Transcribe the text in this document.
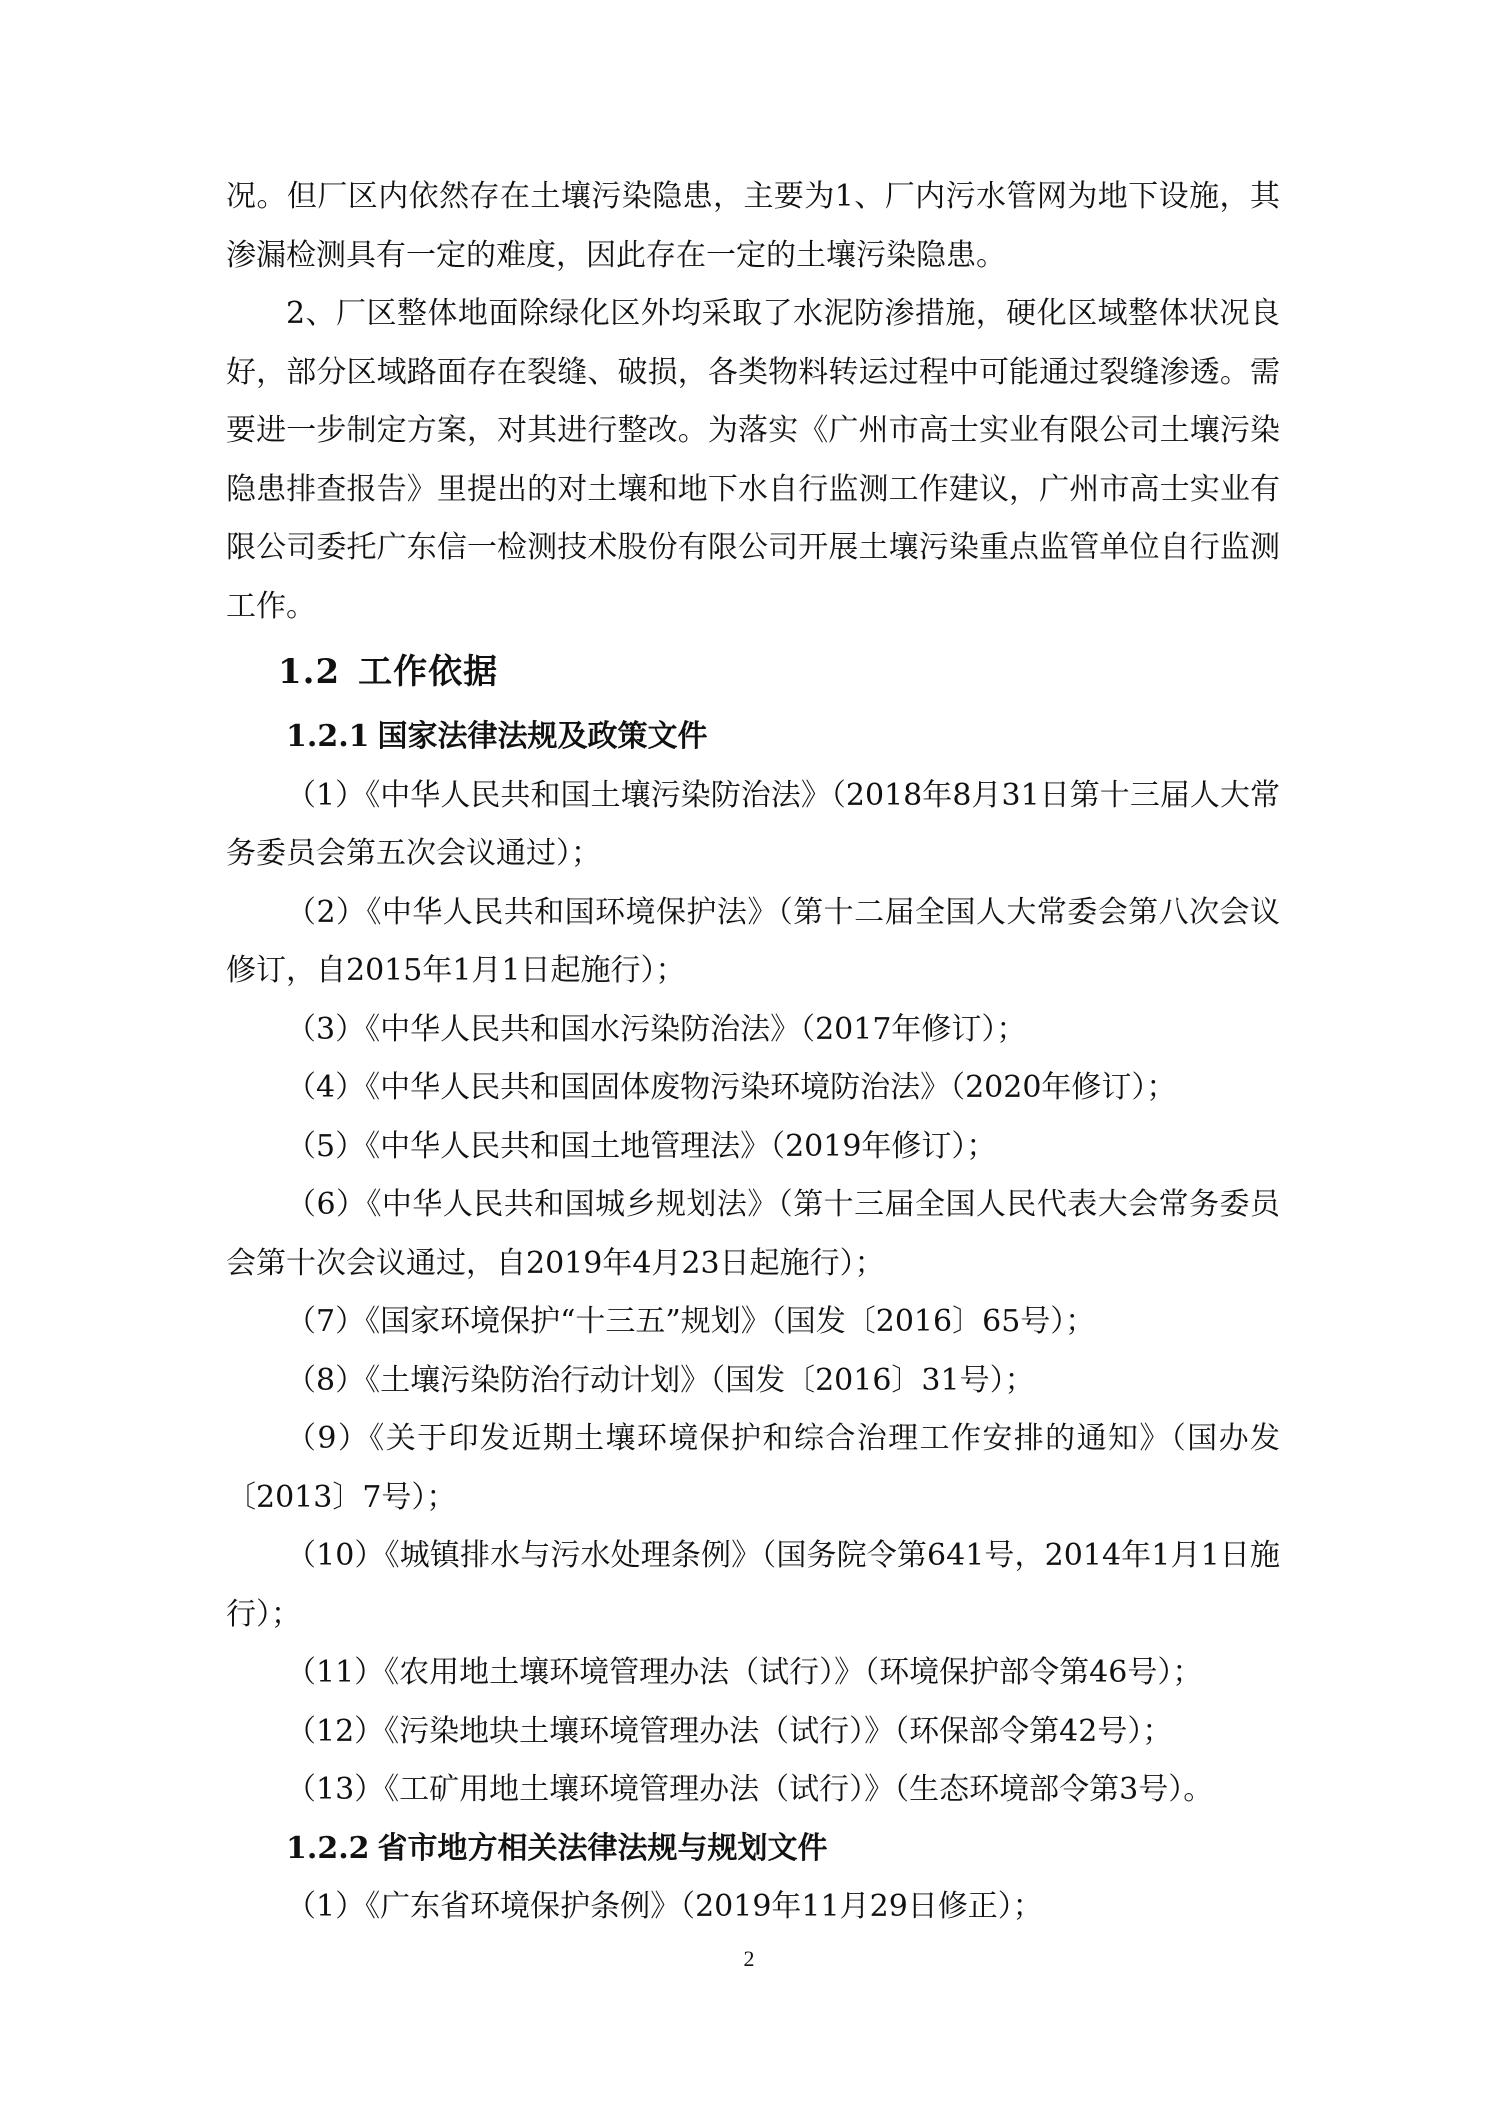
况。但厂区内依然存在土壤污染隐患，主要为1、厂内污水管网为地下设施，其渗漏检测具有一定的难度，因此存在一定的土壤污染隐患。

2、厂区整体地面除绿化区外均采取了水泥防渗措施，硬化区域整体状况良好，部分区域路面存在裂缝、破损，各类物料转运过程中可能通过裂缝渗透。需要进一步制定方案，对其进行整改。为落实《广州市高士实业有限公司土壤污染隐患排查报告》里提出的对土壤和地下水自行监测工作建议，广州市高士实业有限公司委托广东信一检测技术股份有限公司开展土壤污染重点监管单位自行监测工作。

1.2 工作依据
1.2.1 国家法律法规及政策文件

（1）《中华人民共和国土壤污染防治法》（2018年8月31日第十三届人大常务委员会第五次会议通过）；

（2）《中华人民共和国环境保护法》（第十二届全国人大常委会第八次会议修订，自2015年1月1日起施行）；

（3）《中华人民共和国水污染防治法》（2017年修订）；

（4）《中华人民共和国固体废物污染环境防治法》（2020年修订）；

（5）《中华人民共和国土地管理法》（2019年修订）；

（6）《中华人民共和国城乡规划法》（第十三届全国人民代表大会常务委员会第十次会议通过，自2019年4月23日起施行）；

（7）《国家环境保护“十三五”规划》（国发〔2016〕65号）；

（8）《土壤污染防治行动计划》（国发〔2016〕31号）；

（9）《关于印发近期土壤环境保护和综合治理工作安排的通知》（国办发〔2013〕7号）；

（10）《城镇排水与污水处理条例》（国务院令第641号，2014年1月1日施行）；

（11）《农用地土壤环境管理办法（试行）》（环境保护部令第46号）；

（12）《污染地块土壤环境管理办法（试行）》（环保部令第42号）；

（13）《工矿用地土壤环境管理办法（试行）》（生态环境部令第3号）。

1.2.2 省市地方相关法律法规与规划文件

（1）《广东省环境保护条例》（2019年11月29日修正）；

2
